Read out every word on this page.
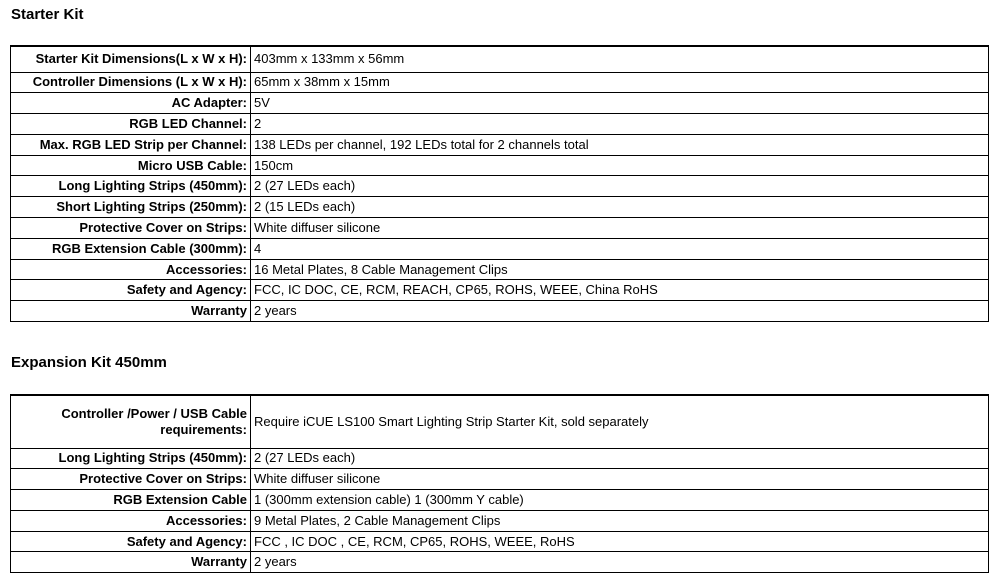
Starter Kit
Starter Kit Dimensions(L x W x H):	403mm x 133mm x 56mm
Controller Dimensions (L x W x H):	65mm x 38mm x 15mm
AC Adapter:	5V
RGB LED Channel:	2
Max. RGB LED Strip per Channel:	138 LEDs per channel, 192 LEDs total for 2 channels total
Micro USB Cable:	150cm
Long Lighting Strips (450mm):	2 (27 LEDs each)
Short Lighting Strips (250mm):	2 (15 LEDs each)
Protective Cover on Strips:	White diffuser silicone
RGB Extension Cable (300mm):	4
Accessories:	16 Metal Plates, 8 Cable Management Clips
Safety and Agency:	FCC, IC DOC, CE, RCM, REACH, CP65, ROHS, WEEE, China RoHS
Warranty	2 years
Expansion Kit 450mm
Controller /Power / USB Cable requirements:	Require iCUE LS100 Smart Lighting Strip Starter Kit, sold separately
Long Lighting Strips (450mm):	2 (27 LEDs each)
Protective Cover on Strips:	White diffuser silicone
RGB Extension Cable	1 (300mm extension cable) 1 (300mm Y cable)
Accessories:	9 Metal Plates, 2 Cable Management Clips
Safety and Agency:	FCC , IC DOC , CE, RCM, CP65, ROHS, WEEE, RoHS
Warranty	2 years
